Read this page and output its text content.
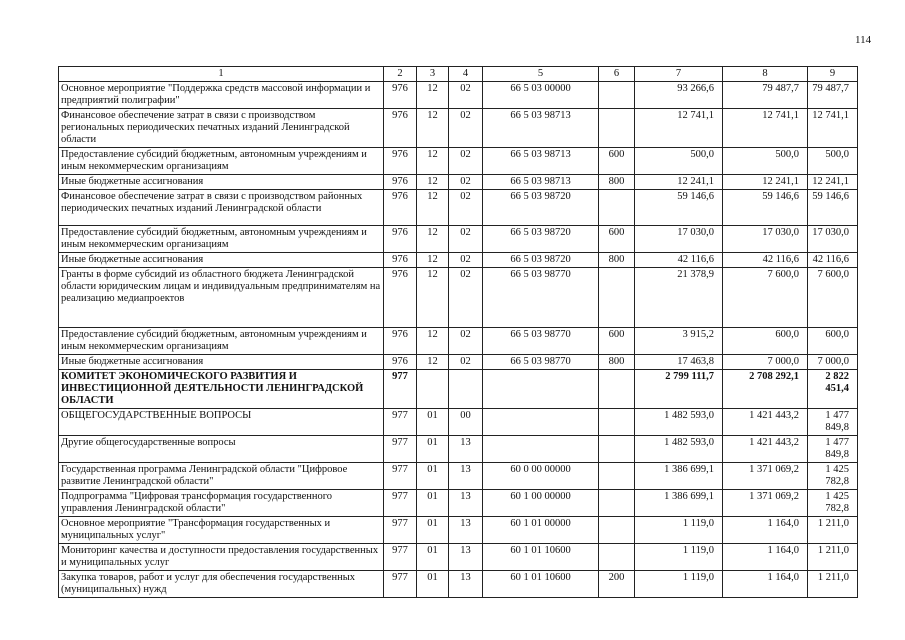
114
1	2	3	4	5	6	7	8	9
Основное мероприятие "Поддержка средств массовой информации и предприятий полиграфии"	976	12	02	66 5 03 00000		93 266,6	79 487,7	79 487,7
Финансовое обеспечение затрат в связи с производством региональных периодических печатных изданий Ленинградской области	976	12	02	66 5 03 98713		12 741,1	12 741,1	12 741,1
Предоставление субсидий бюджетным, автономным учреждениям и иным некоммерческим организациям	976	12	02	66 5 03 98713	600	500,0	500,0	500,0
Иные бюджетные ассигнования	976	12	02	66 5 03 98713	800	12 241,1	12 241,1	12 241,1
Финансовое обеспечение затрат в связи с производством районных периодических печатных изданий Ленинградской области	976	12	02	66 5 03 98720		59 146,6	59 146,6	59 146,6
Предоставление субсидий бюджетным, автономным учреждениям и иным некоммерческим организациям	976	12	02	66 5 03 98720	600	17 030,0	17 030,0	17 030,0
Иные бюджетные ассигнования	976	12	02	66 5 03 98720	800	42 116,6	42 116,6	42 116,6
Гранты в форме субсидий из областного бюджета Ленинградской области юридическим лицам и индивидуальным предпринимателям на реализацию медиапроектов	976	12	02	66 5 03 98770		21 378,9	7 600,0	7 600,0
Предоставление субсидий бюджетным, автономным учреждениям и иным некоммерческим организациям	976	12	02	66 5 03 98770	600	3 915,2	600,0	600,0
Иные бюджетные ассигнования	976	12	02	66 5 03 98770	800	17 463,8	7 000,0	7 000,0
КОМИТЕТ ЭКОНОМИЧЕСКОГО РАЗВИТИЯ И ИНВЕСТИЦИОННОЙ ДЕЯТЕЛЬНОСТИ ЛЕНИНГРАДСКОЙ ОБЛАСТИ	977					2 799 111,7	2 708 292,1	2 822 451,4
ОБЩЕГОСУДАРСТВЕННЫЕ ВОПРОСЫ	977	01	00			1 482 593,0	1 421 443,2	1 477 849,8
Другие общегосударственные вопросы	977	01	13			1 482 593,0	1 421 443,2	1 477 849,8
Государственная программа Ленинградской области "Цифровое развитие Ленинградской области"	977	01	13	60 0 00 00000		1 386 699,1	1 371 069,2	1 425 782,8
Подпрограмма "Цифровая трансформация государственного управления Ленинградской области"	977	01	13	60 1 00 00000		1 386 699,1	1 371 069,2	1 425 782,8
Основное мероприятие "Трансформация государственных и муниципальных услуг"	977	01	13	60 1 01 00000		1 119,0	1 164,0	1 211,0
Мониторинг качества и доступности предоставления государственных и муниципальных услуг	977	01	13	60 1 01 10600		1 119,0	1 164,0	1 211,0
Закупка товаров, работ и услуг для обеспечения государственных (муниципальных) нужд	977	01	13	60 1 01 10600	200	1 119,0	1 164,0	1 211,0
